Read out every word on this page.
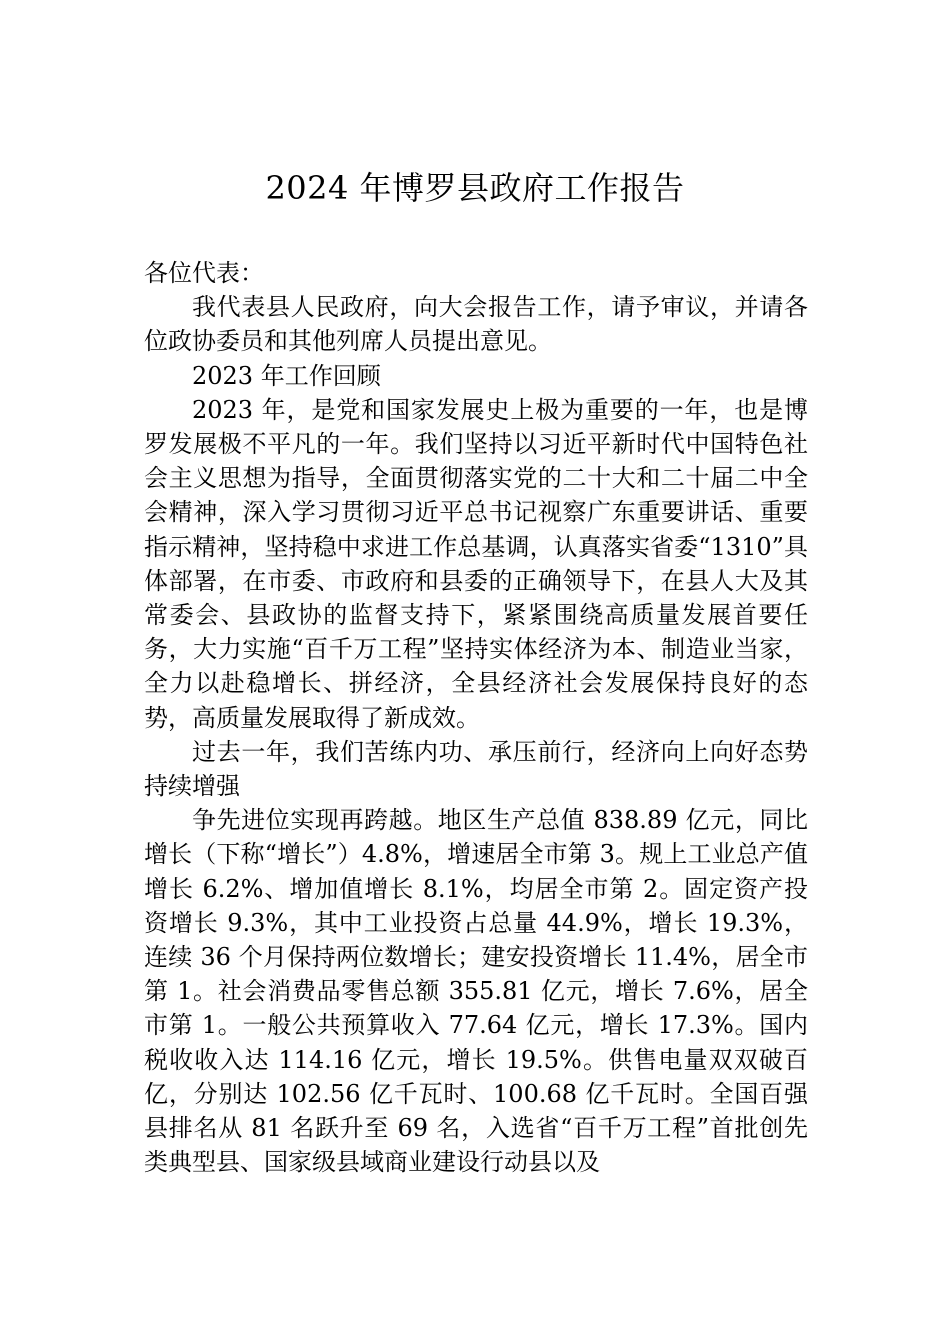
2024 年博罗县政府工作报告

各位代表：

我代表县人民政府，向大会报告工作，请予审议，并请各位政协委员和其他列席人员提出意见。

2023 年工作回顾

2023 年，是党和国家发展史上极为重要的一年，也是博罗发展极不平凡的一年。我们坚持以习近平新时代中国特色社会主义思想为指导，全面贯彻落实党的二十大和二十届二中全会精神，深入学习贯彻习近平总书记视察广东重要讲话、重要指示精神，坚持稳中求进工作总基调，认真落实省委“1310”具体部署，在市委、市政府和县委的正确领导下，在县人大及其常委会、县政协的监督支持下，紧紧围绕高质量发展首要任务，大力实施“百千万工程”坚持实体经济为本、制造业当家，全力以赴稳增长、拼经济，全县经济社会发展保持良好的态势，高质量发展取得了新成效。

过去一年，我们苦练内功、承压前行，经济向上向好态势持续增强

争先进位实现再跨越。地区生产总值 838.89 亿元，同比增长（下称“增长”）4.8%，增速居全市第 3。规上工业总产值增长 6.2%、增加值增长 8.1%，均居全市第 2。固定资产投资增长 9.3%，其中工业投资占总量 44.9%，增长 19.3%，连续 36 个月保持两位数增长；建安投资增长 11.4%，居全市第 1。社会消费品零售总额 355.81 亿元，增长 7.6%，居全市第 1。一般公共预算收入 77.64 亿元，增长 17.3%。国内税收收入达 114.16 亿元，增长 19.5%。供售电量双双破百亿，分别达 102.56 亿千瓦时、100.68 亿千瓦时。全国百强县排名从 81 名跃升至 69 名，入选省“百千万工程”首批创先类典型县、国家级县域商业建设行动县以及
